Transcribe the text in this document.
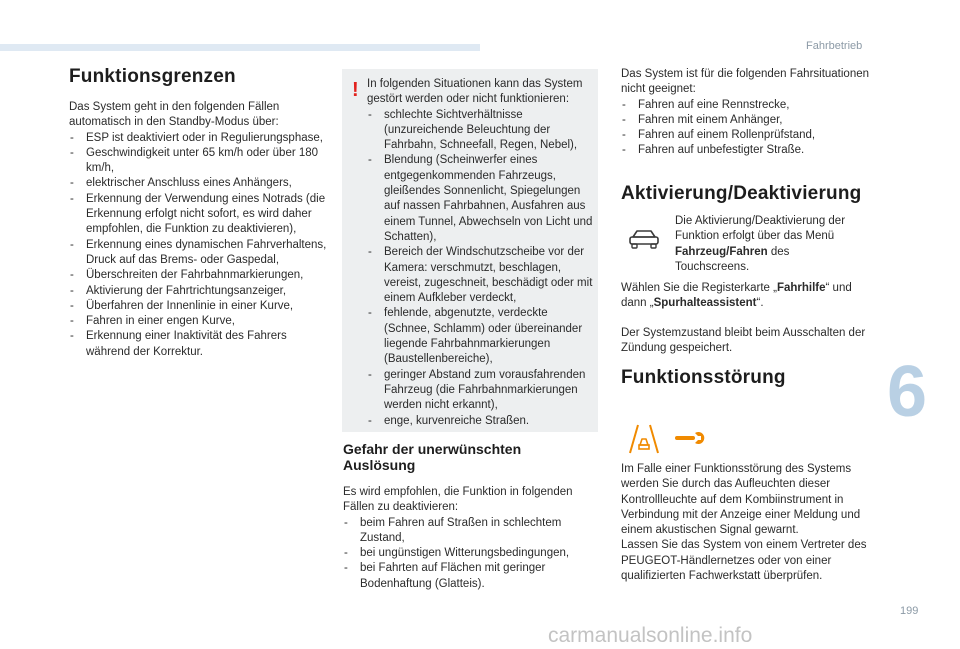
Fahrbetrieb
6
199
carmanualsonline.info
Funktionsgrenzen

Das System geht in den folgenden Fällen automatisch in den Standby-Modus über:

- ESP ist deaktiviert oder in Regulierungsphase,
- Geschwindigkeit unter 65 km/h oder über 180 km/h,
- elektrischer Anschluss eines Anhängers,
- Erkennung der Verwendung eines Notrads (die Erkennung erfolgt nicht sofort, es wird daher empfohlen, die Funktion zu deaktivieren),
- Erkennung eines dynamischen Fahrverhaltens, Druck auf das Brems- oder Gaspedal,
- Überschreiten der Fahrbahnmarkierungen,
- Aktivierung der Fahrtrichtungsanzeiger,
- Überfahren der Innenlinie in einer Kurve,
- Fahren in einer engen Kurve,
- Erkennung einer Inaktivität des Fahrers während der Korrektur.
! In folgenden Situationen kann das System gestört werden oder nicht funktionieren:

- schlechte Sichtverhältnisse (unzureichende Beleuchtung der Fahrbahn, Schneefall, Regen, Nebel),
- Blendung (Scheinwerfer eines entgegenkommenden Fahrzeugs, gleißendes Sonnenlicht, Spiegelungen auf nassen Fahrbahnen, Ausfahren aus einem Tunnel, Abwechseln von Licht und Schatten),
- Bereich der Windschutzscheibe vor der Kamera: verschmutzt, beschlagen, vereist, zugeschneit, beschädigt oder mit einem Aufkleber verdeckt,
- fehlende, abgenutzte, verdeckte (Schnee, Schlamm) oder übereinander liegende Fahrbahnmarkierungen (Baustellenbereiche),
- geringer Abstand zum vorausfahrenden Fahrzeug (die Fahrbahnmarkierungen werden nicht erkannt),
- enge, kurvenreiche Straßen.
Gefahr der unerwünschten Auslösung

Es wird empfohlen, die Funktion in folgenden Fällen zu deaktivieren:

- beim Fahren auf Straßen in schlechtem Zustand,
- bei ungünstigen Witterungsbedingungen,
- bei Fahrten auf Flächen mit geringer Bodenhaftung (Glatteis).

Das System ist für die folgenden Fahrsituationen nicht geeignet:

- Fahren auf eine Rennstrecke,
- Fahren mit einem Anhänger,
- Fahren auf einem Rollenprüfstand,
- Fahren auf unbefestigter Straße.
Aktivierung/Deaktivierung

Die Aktivierung/Deaktivierung der Funktion erfolgt über das Menü Fahrzeug/Fahren des Touchscreens.

Wählen Sie die Registerkarte „Fahrhilfe“ und dann „Spurhalteassistent“.

Der Systemzustand bleibt beim Ausschalten der Zündung gespeichert.

Funktionsstörung

Im Falle einer Funktionsstörung des Systems werden Sie durch das Aufleuchten dieser Kontrollleuchte auf dem Kombiinstrument in Verbindung mit der Anzeige einer Meldung und einem akustischen Signal gewarnt.

Lassen Sie das System von einem Vertreter des PEUGEOT-Händlernetzes oder von einer qualifizierten Fachwerkstatt überprüfen.
